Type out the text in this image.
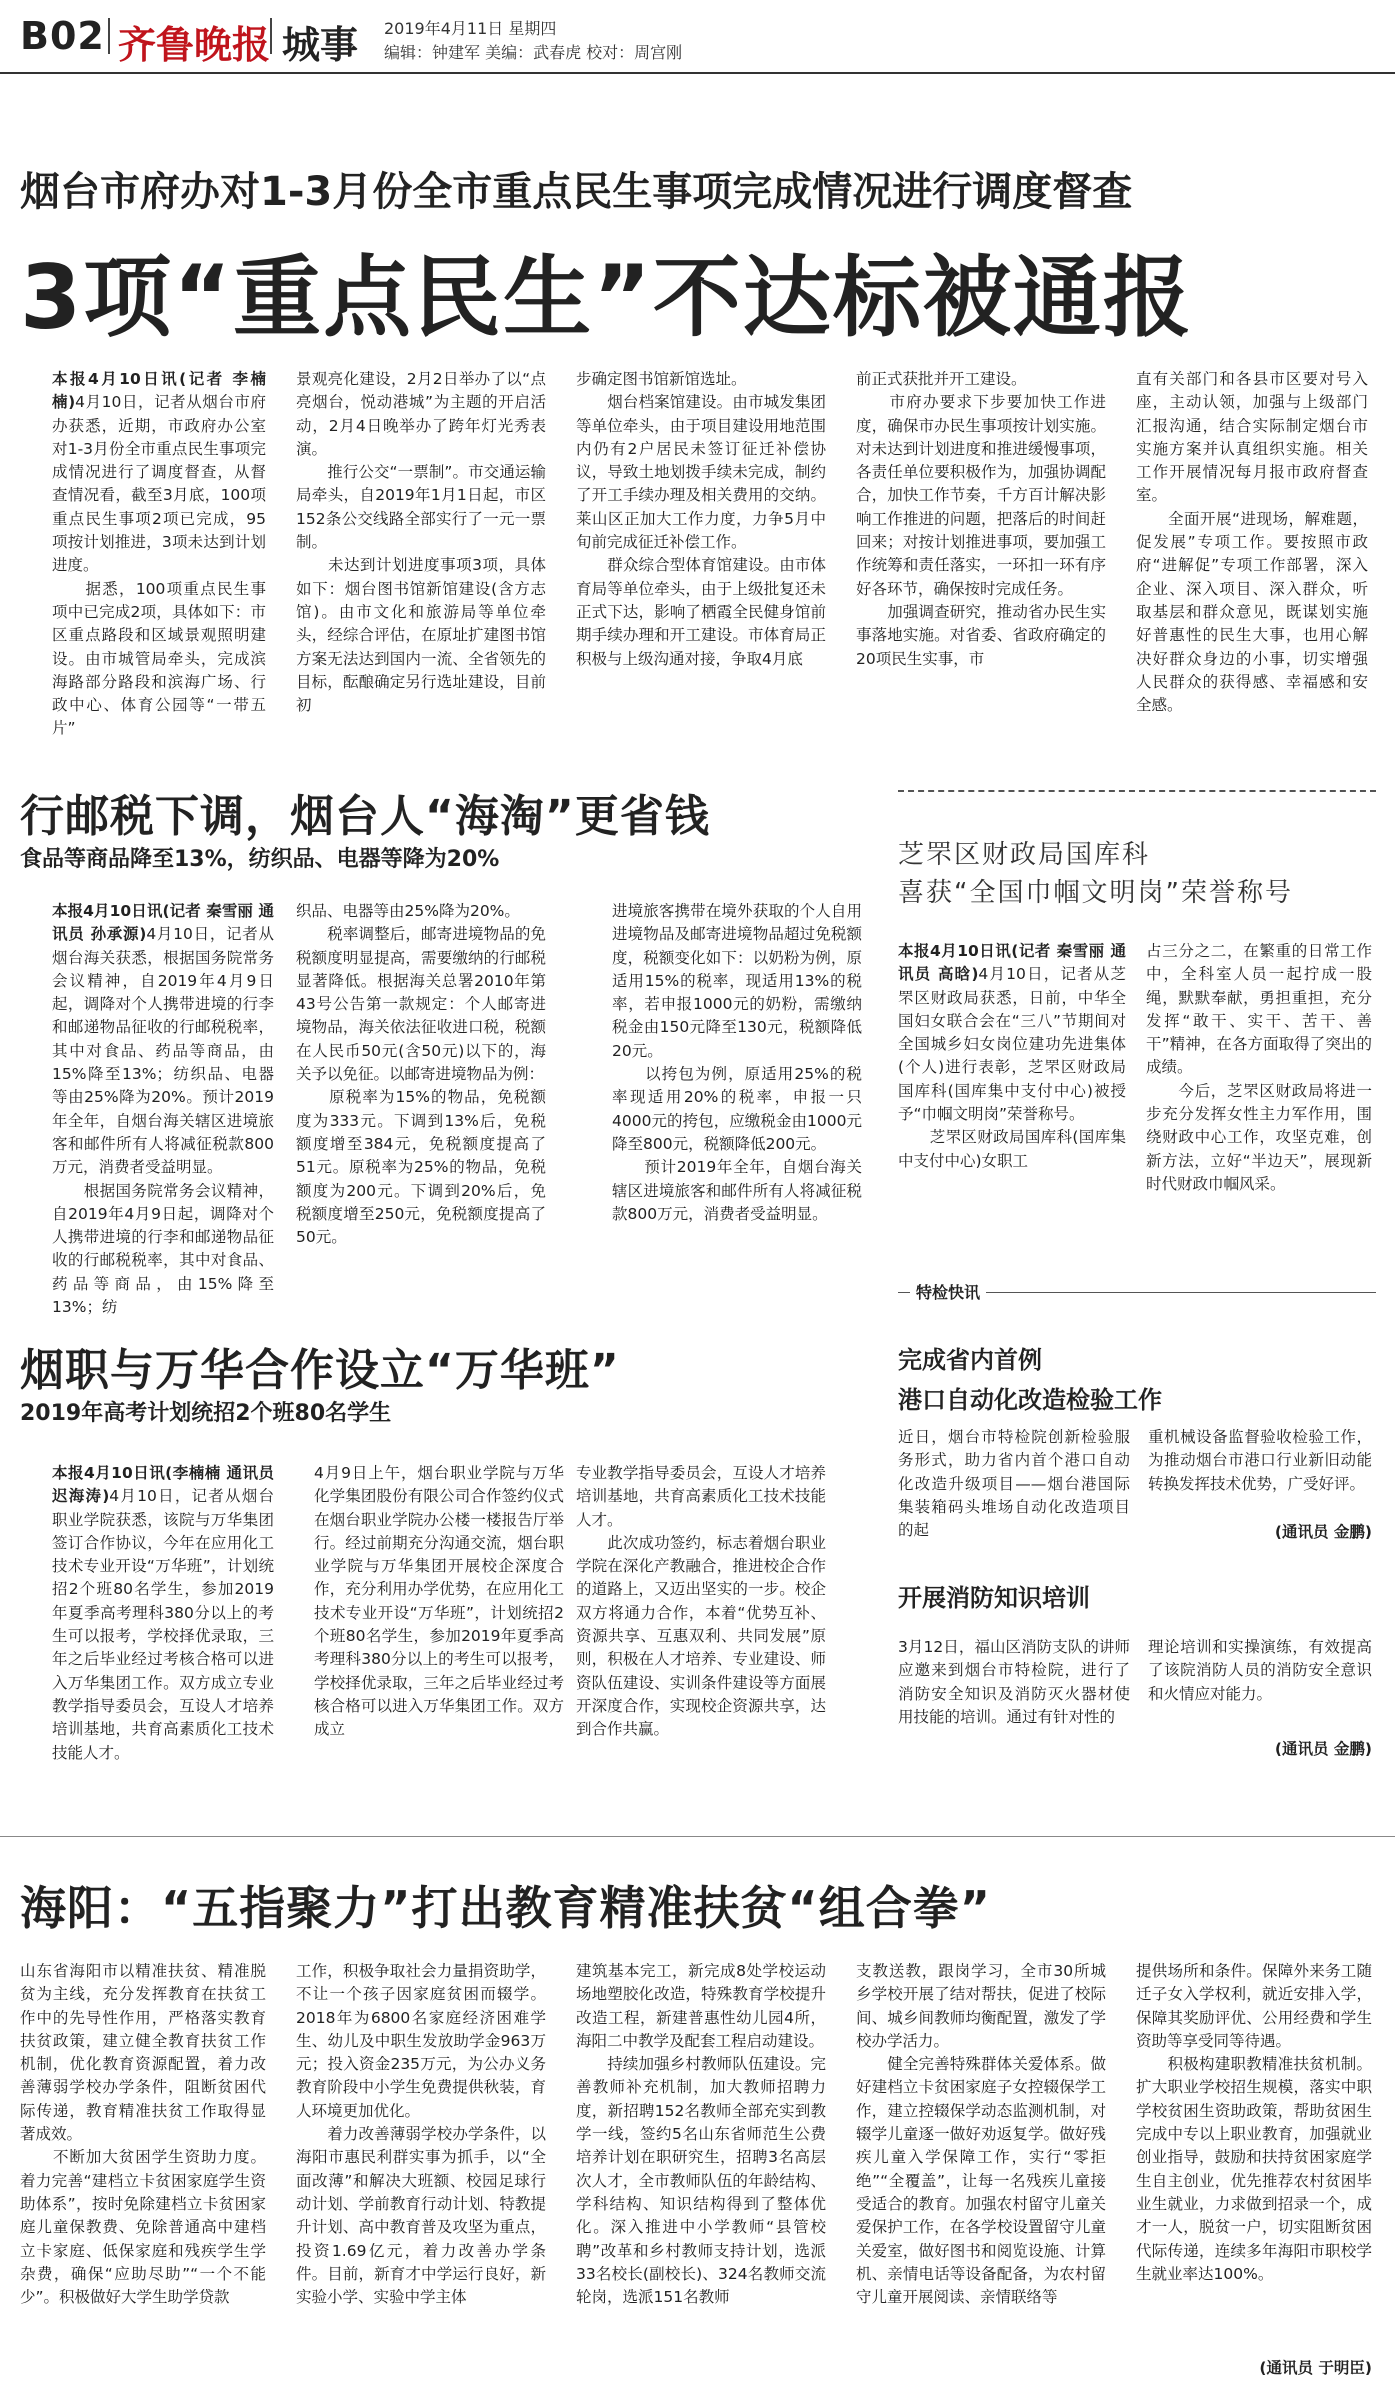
B02 齐鲁晚报 城事 2019年4月11日 星期四
编辑：钟建军 美编：武春虎 校对：周宫刚
烟台市府办对1-3月份全市重点民生事项完成情况进行调度督查
3项“重点民生”不达标被通报
本报4月10日讯(记者 李楠楠)4月10日，记者从烟台市府办获悉，近期，市政府办公室对1-3月份全市重点民生事项完成情况进行了调度督查，从督查情况看，截至3月底，100项重点民生事项2项已完成，95项按计划推进，3项未达到计划进度。
　　据悉，100项重点民生事项中已完成2项，具体如下：市区重点路段和区域景观照明建设。由市城管局牵头，完成滨海路部分路段和滨海广场、行政中心、体育公园等“一带五片”
景观亮化建设，2月2日举办了以“点亮烟台，悦动港城”为主题的开启活动，2月4日晚举办了跨年灯光秀表演。
　　推行公交“一票制”。市交通运输局牵头，自2019年1月1日起，市区152条公交线路全部实行了一元一票制。
　　未达到计划进度事项3项，具体如下：烟台图书馆新馆建设(含方志馆)。由市文化和旅游局等单位牵头，经综合评估，在原址扩建图书馆方案无法达到国内一流、全省领先的目标，酝酿确定另行选址建设，目前初
步确定图书馆新馆选址。
　　烟台档案馆建设。由市城发集团等单位牵头，由于项目建设用地范围内仍有2户居民未签订征迁补偿协议，导致土地划拨手续未完成，制约了开工手续办理及相关费用的交纳。莱山区正加大工作力度，力争5月中旬前完成征迁补偿工作。
　　群众综合型体育馆建设。由市体育局等单位牵头，由于上级批复还未正式下达，影响了栖霞全民健身馆前期手续办理和开工建设。市体育局正积极与上级沟通对接，争取4月底
前正式获批并开工建设。
　　市府办要求下步要加快工作进度，确保市办民生事项按计划实施。对未达到计划进度和推进缓慢事项，各责任单位要积极作为，加强协调配合，加快工作节奏，千方百计解决影响工作推进的问题，把落后的时间赶回来；对按计划推进事项，要加强工作统筹和责任落实，一环扣一环有序好各环节，确保按时完成任务。
　　加强调查研究，推动省办民生实事落地实施。对省委、省政府确定的20项民生实事，市
直有关部门和各县市区要对号入座，主动认领，加强与上级部门汇报沟通，结合实际制定烟台市实施方案并认真组织实施。相关工作开展情况每月报市政府督查室。
　　全面开展“进现场，解难题，促发展”专项工作。要按照市政府“进解促”专项工作部署，深入企业、深入项目、深入群众，听取基层和群众意见，既谋划实施好普惠性的民生大事，也用心解决好群众身边的小事，切实增强人民群众的获得感、幸福感和安全感。
行邮税下调，烟台人“海淘”更省钱
食品等商品降至13%，纺织品、电器等降为20%
本报4月10日讯(记者 秦雪丽 通讯员 孙承源)4月10日，记者从烟台海关获悉，根据国务院常务会议精神，自2019年4月9日起，调降对个人携带进境的行李和邮递物品征收的行邮税税率，其中对食品、药品等商品，由15%降至13%；纺织品、电器等由25%降为20%。预计2019年全年，自烟台海关辖区进境旅客和邮件所有人将减征税款800万元，消费者受益明显。
　　根据国务院常务会议精神，自2019年4月9日起，调降对个人携带进境的行李和邮递物品征收的行邮税税率，其中对食品、药品等商品，由15%降至13%；纺
织品、电器等由25%降为20%。
　　税率调整后，邮寄进境物品的免税额度明显提高，需要缴纳的行邮税显著降低。根据海关总署2010年第43号公告第一款规定：个人邮寄进境物品，海关依法征收进口税，税额在人民币50元(含50元)以下的，海关予以免征。以邮寄进境物品为例：
　　原税率为15%的物品，免税额度为333元。下调到13%后，免税额度增至384元，免税额度提高了51元。原税率为25%的物品，免税额度为200元。下调到20%后，免税额度增至250元，免税额度提高了50元。
进境旅客携带在境外获取的个人自用进境物品及邮寄进境物品超过免税额度，税额变化如下：以奶粉为例，原适用15%的税率，现适用13%的税率，若申报1000元的奶粉，需缴纳税金由150元降至130元，税额降低20元。
　　以挎包为例，原适用25%的税率现适用20%的税率，申报一只4000元的挎包，应缴税金由1000元降至800元，税额降低200元。
　　预计2019年全年，自烟台海关辖区进境旅客和邮件所有人将减征税款800万元，消费者受益明显。
芝罘区财政局国库科
喜获“全国巾帼文明岗”荣誉称号
本报4月10日讯(记者 秦雪丽 通讯员 高晗)4月10日，记者从芝罘区财政局获悉，日前，中华全国妇女联合会在“三八”节期间对全国城乡妇女岗位建功先进集体(个人)进行表彰，芝罘区财政局国库科(国库集中支付中心)被授予“巾帼文明岗”荣誉称号。
　　芝罘区财政局国库科(国库集中支付中心)女职工
占三分之二，在繁重的日常工作中，全科室人员一起拧成一股绳，默默奉献，勇担重担，充分发挥“敢干、实干、苦干、善干”精神，在各方面取得了突出的成绩。
　　今后，芝罘区财政局将进一步充分发挥女性主力军作用，围绕财政中心工作，攻坚克难，创新方法，立好“半边天”，展现新时代财政巾帼风采。
特检快讯
完成省内首例
港口自动化改造检验工作
近日，烟台市特检院创新检验服务形式，助力省内首个港口自动化改造升级项目——烟台港国际集装箱码头堆场自动化改造项目的起
重机械设备监督验收检验工作，为推动烟台市港口行业新旧动能转换发挥技术优势，广受好评。
(通讯员 金鹏)
开展消防知识培训
3月12日，福山区消防支队的讲师应邀来到烟台市特检院，进行了消防安全知识及消防灭火器材使用技能的培训。通过有针对性的
理论培训和实操演练，有效提高了该院消防人员的消防安全意识和火情应对能力。
(通讯员 金鹏)
烟职与万华合作设立“万华班”
2019年高考计划统招2个班80名学生
本报4月10日讯(李楠楠 通讯员 迟海涛)4月10日，记者从烟台职业学院获悉，该院与万华集团签订合作协议，今年在应用化工技术专业开设“万华班”，计划统招2个班80名学生，参加2019年夏季高考理科380分以上的考生可以报考，学校择优录取，三年之后毕业经过考核合格可以进入万华集团工作。双方成立专业教学指导委员会，互设人才培养培训基地，共育高素质化工技术技能人才。
4月9日上午，烟台职业学院与万华化学集团股份有限公司合作签约仪式在烟台职业学院办公楼一楼报告厅举行。经过前期充分沟通交流，烟台职业学院与万华集团开展校企深度合作，充分利用办学优势，在应用化工技术专业开设“万华班”，计划统招2个班80名学生，参加2019年夏季高考理科380分以上的考生可以报考，学校择优录取，三年之后毕业经过考核合格可以进入万华集团工作。双方成立
专业教学指导委员会，互设人才培养培训基地，共育高素质化工技术技能人才。
　　此次成功签约，标志着烟台职业学院在深化产教融合，推进校企合作的道路上，又迈出坚实的一步。校企双方将通力合作，本着“优势互补、资源共享、互惠双利、共同发展”原则，积极在人才培养、专业建设、师资队伍建设、实训条件建设等方面展开深度合作，实现校企资源共享，达到合作共赢。
海阳：“五指聚力”打出教育精准扶贫“组合拳”
山东省海阳市以精准扶贫、精准脱贫为主线，充分发挥教育在扶贫工作中的先导性作用，严格落实教育扶贫政策，建立健全教育扶贫工作机制，优化教育资源配置，着力改善薄弱学校办学条件，阻断贫困代际传递，教育精准扶贫工作取得显著成效。
　　不断加大贫困学生资助力度。着力完善“建档立卡贫困家庭学生资助体系”，按时免除建档立卡贫困家庭儿童保教费、免除普通高中建档立卡家庭、低保家庭和残疾学生学杂费，确保“应助尽助”“一个不能少”。积极做好大学生助学贷款
工作，积极争取社会力量捐资助学，不让一个孩子因家庭贫困而辍学。2018年为6800名家庭经济困难学生、幼儿及中职生发放助学金963万元；投入资金235万元，为公办义务教育阶段中小学生免费提供秋装，育人环境更加优化。
　　着力改善薄弱学校办学条件，以海阳市惠民利群实事为抓手，以“全面改薄”和解决大班额、校园足球行动计划、学前教育行动计划、特教提升计划、高中教育普及攻坚为重点，投资1.69亿元，着力改善办学条件。目前，新育才中学运行良好，新实验小学、实验中学主体
建筑基本完工，新完成8处学校运动场地塑胶化改造，特殊教育学校提升改造工程，新建普惠性幼儿园4所，海阳二中教学及配套工程启动建设。
　　持续加强乡村教师队伍建设。完善教师补充机制，加大教师招聘力度，新招聘152名教师全部充实到教学一线，签约5名山东省师范生公费培养计划在职研究生，招聘3名高层次人才，全市教师队伍的年龄结构、学科结构、知识结构得到了整体优化。深入推进中小学教师“县管校聘”改革和乡村教师支持计划，选派33名校长(副校长)、324名教师交流轮岗，选派151名教师
支教送教，跟岗学习，全市30所城乡学校开展了结对帮扶，促进了校际间、城乡间教师均衡配置，激发了学校办学活力。
　　健全完善特殊群体关爱体系。做好建档立卡贫困家庭子女控辍保学工作，建立控辍保学动态监测机制，对辍学儿童逐一做好劝返复学。做好残疾儿童入学保障工作，实行“零拒绝”“全覆盖”，让每一名残疾儿童接受适合的教育。加强农村留守儿童关爱保护工作，在各学校设置留守儿童关爱室，做好图书和阅览设施、计算机、亲情电话等设备配备，为农村留守儿童开展阅读、亲情联络等
提供场所和条件。保障外来务工随迁子女入学权利，就近安排入学，保障其奖励评优、公用经费和学生资助等享受同等待遇。
　　积极构建职教精准扶贫机制。扩大职业学校招生规模，落实中职学校贫困生资助政策，帮助贫困生完成中专以上职业教育，加强就业创业指导，鼓励和扶持贫困家庭学生自主创业，优先推荐农村贫困毕业生就业，力求做到招录一个，成才一人，脱贫一户，切实阻断贫困代际传递，连续多年海阳市职校学生就业率达100%。
(通讯员 于明臣)
